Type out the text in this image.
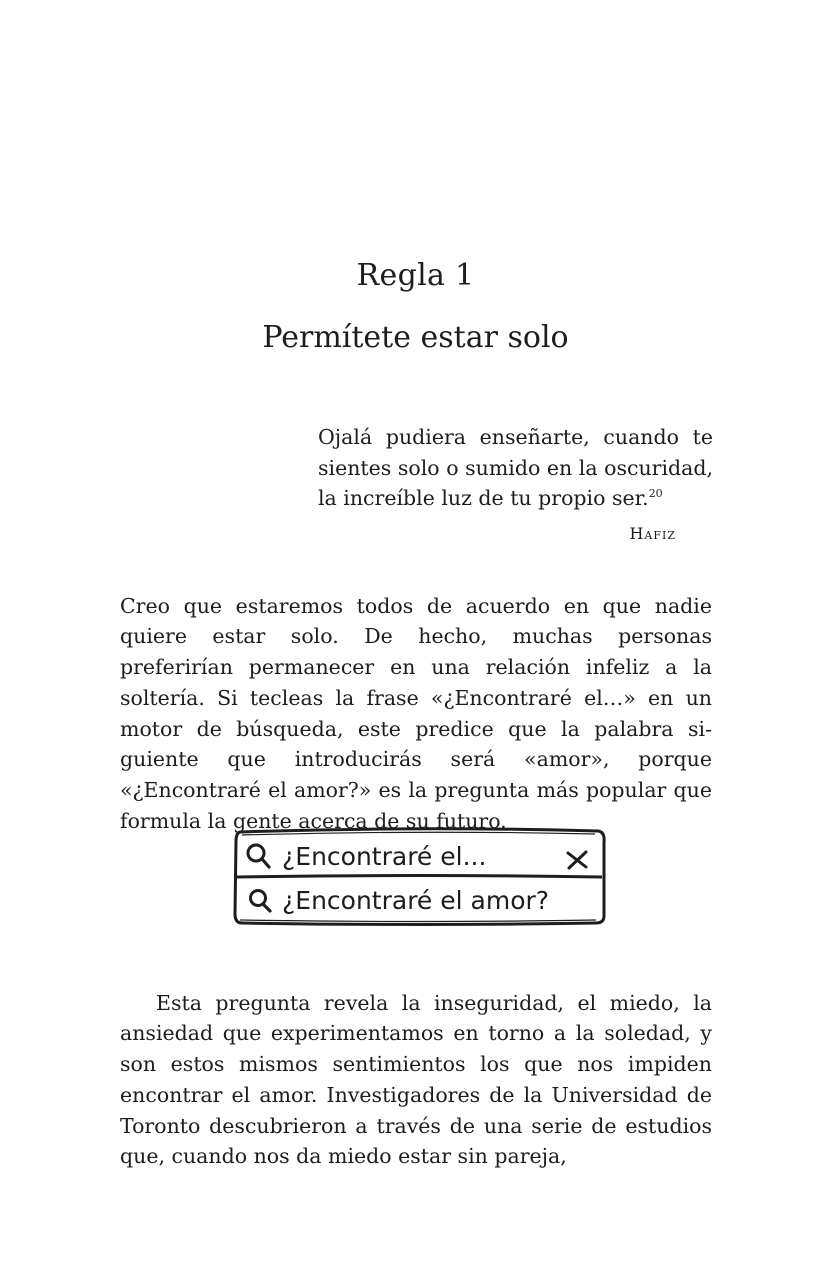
Regla 1
Permítete estar solo
Ojalá pudiera enseñarte, cuando te sientes solo o sumido en la oscuridad, la increíble luz de tu propio ser.$^{20}$
Hafiz

Creo que estaremos todos de acuerdo en que nadie quiere estar solo. De hecho, muchas personas preferirían permanecer en una relación infeliz a la soltería. Si tecleas la frase «¿Encontraré el…» en un motor de búsqueda, este predice que la palabra siguiente que introducirás será «amor», porque «¿Encontraré el amor?» es la pregunta más popular que formula la gente acerca de su futuro.

¿Encontraré el...
¿Encontraré el amor?

Esta pregunta revela la inseguridad, el miedo, la ansiedad que experimentamos en torno a la soledad, y son estos mismos sentimientos los que nos impiden encontrar el amor. Investigadores de la Universidad de Toronto descubrieron a través de una serie de estudios que, cuando nos da miedo estar sin pareja,
